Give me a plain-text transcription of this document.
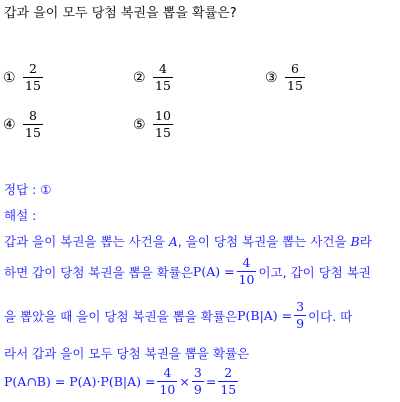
갑과 을이 모두 당첨 복권을 뽑을 확률은?
① $\frac{2}{15}$	② $\frac{4}{15}$	③ $\frac{6}{15}$
④ $\frac{8}{15}$	⑤ $\frac{10}{15}$
정답 : ①
해설 :
갑과 을이 복권을 뽑는 사건을 A, 을이 당첨 복권을 뽑는 사건을 B라
하면 갑이 당첨 복권을 뽑을 확률은 $P(A) = \frac{4}{10}$ 이고, 갑이 당첨 복권
을 뽑았을 때 을이 당첨 복권을 뽑을 확률은 $P(B|A) = \frac{3}{9}$ 이다. 따
라서 갑과 을이 모두 당첨 복권을 뽑을 확률은
P(A∩B) = $P(A)\cdot P(B|A) = \frac{4}{10} \times \frac{3}{9} = \frac{2}{15}$
